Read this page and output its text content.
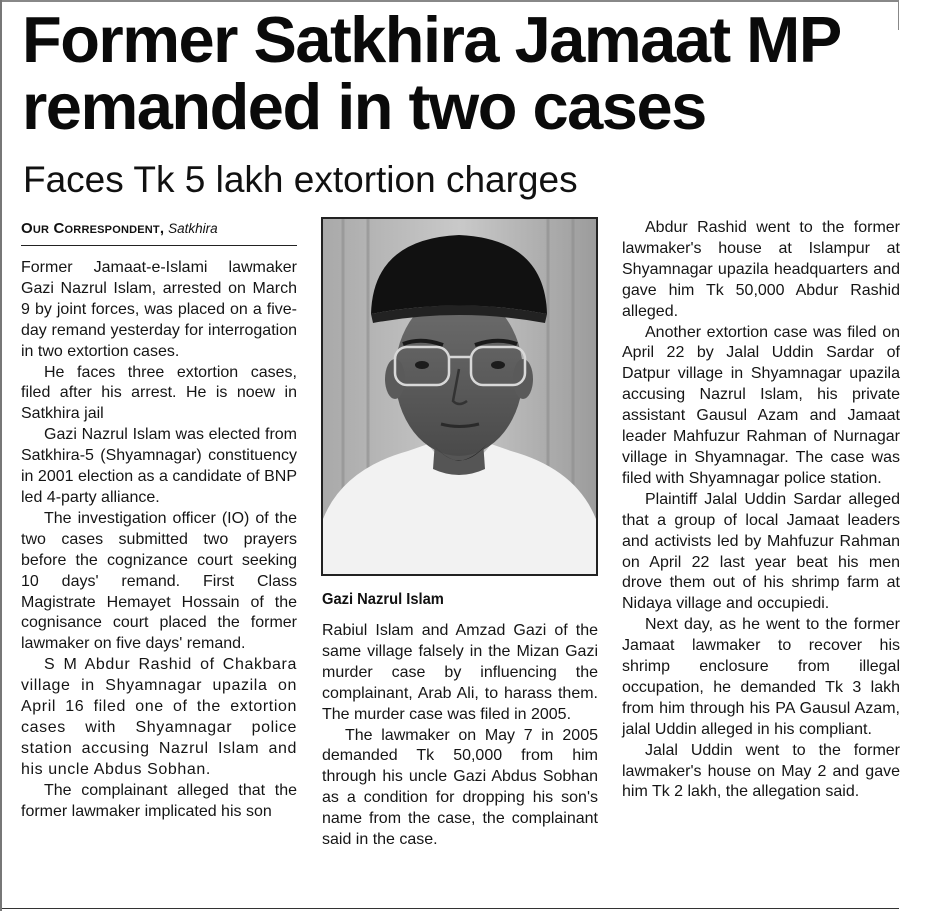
Former Satkhira Jamaat MP remanded in two cases
Faces Tk 5 lakh extortion charges
Our Correspondent, Satkhira

Former Jamaat-e-Islami lawmaker Gazi Nazrul Islam, arrested on March 9 by joint forces, was placed on a five-day remand yesterday for interrogation in two extortion cases.

He faces three extortion cases, filed after his arrest. He is noew in Satkhira jail

Gazi Nazrul Islam was elected from Satkhira-5 (Shyamnagar) constituency in 2001 election as a candidate of BNP led 4-party alliance.

The investigation officer (IO) of the two cases submitted two prayers before the cognizance court seeking 10 days' remand. First Class Magistrate Hemayet Hossain of the cognisance court placed the former lawmaker on five days' remand.

S M Abdur Rashid of Chakbara village in Shyamnagar upazila on April 16 filed one of the extortion cases with Shyamnagar police station accusing Nazrul Islam and his uncle Abdus Sobhan.

The complainant alleged that the former lawmaker implicated his son

Gazi Nazrul Islam

Rabiul Islam and Amzad Gazi of the same village falsely in the Mizan Gazi murder case by influencing the complainant, Arab Ali, to harass them. The murder case was filed in 2005.

The lawmaker on May 7 in 2005 demanded Tk 50,000 from him through his uncle Gazi Abdus Sobhan as a condition for dropping his son's name from the case, the complainant said in the case.

Abdur Rashid went to the former lawmaker's house at Islampur at Shyamnagar upazila headquarters and gave him Tk 50,000 Abdur Rashid alleged.

Another extortion case was filed on April 22 by Jalal Uddin Sardar of Datpur village in Shyamnagar upazila accusing Nazrul Islam, his private assistant Gausul Azam and Jamaat leader Mahfuzur Rahman of Nurnagar village in Shyamnagar. The case was filed with Shyamnagar police station.

Plaintiff Jalal Uddin Sardar alleged that a group of local Jamaat leaders and activists led by Mahfuzur Rahman on April 22 last year beat his men drove them out of his shrimp farm at Nidaya village and occupiedi.

Next day, as he went to the former Jamaat lawmaker to recover his shrimp enclosure from illegal occupation, he demanded Tk 3 lakh from him through his PA Gausul Azam, jalal Uddin alleged in his compliant.

Jalal Uddin went to the former lawmaker's house on May 2 and gave him Tk 2 lakh, the allegation said.
